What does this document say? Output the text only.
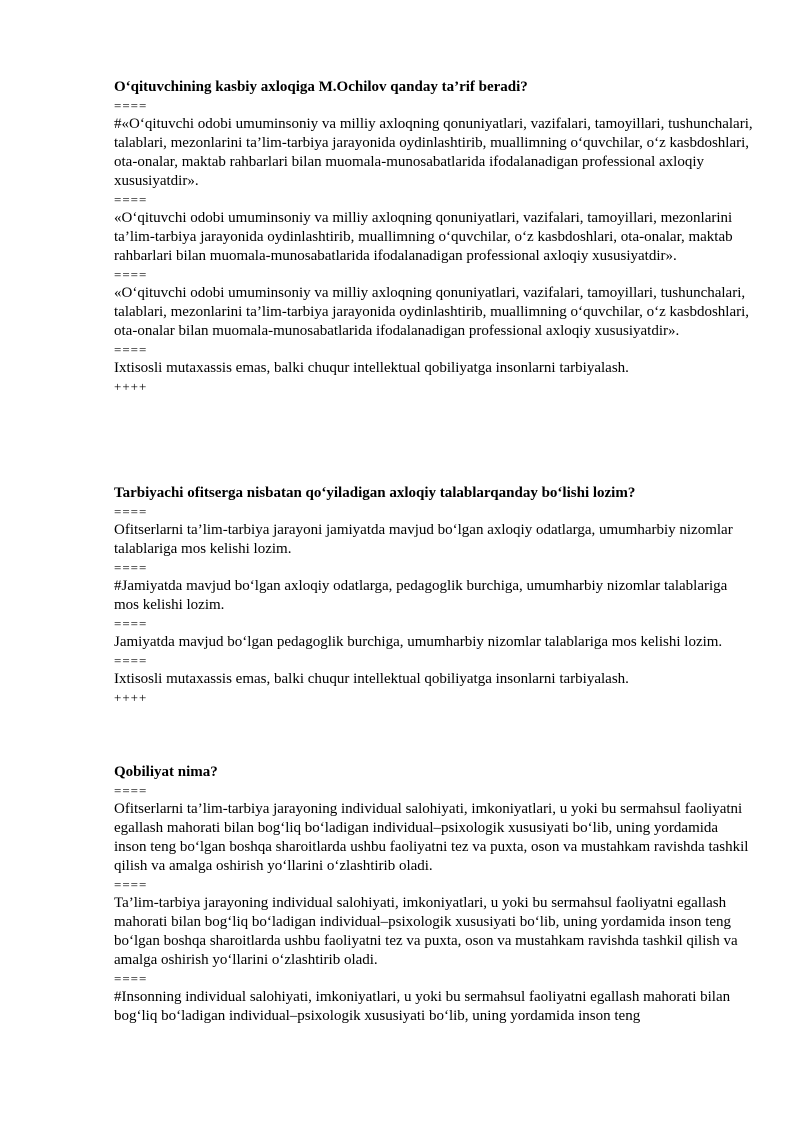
O‘qituvchining kasbiy axloqiga M.Ochilov qanday ta’rif beradi?

====

#«O‘qituvchi odobi umuminsoniy va milliy axloqning qonuniyatlari, vazifalari, tamoyillari, tushunchalari, talablari, mezonlarini ta’lim-tarbiya jarayonida oydinlashtirib, muallimning o‘quvchilar, o‘z kasbdoshlari, ota-onalar, maktab rahbarlari bilan muomala-munosabatlarida ifodalanadigan professional axloqiy xususiyatdir».

====

«O‘qituvchi odobi umuminsoniy va milliy axloqning qonuniyatlari, vazifalari, tamoyillari, mezonlarini ta’lim-tarbiya jarayonida oydinlashtirib, muallimning o‘quvchilar, o‘z kasbdoshlari, ota-onalar, maktab rahbarlari bilan muomala-munosabatlarida ifodalanadigan professional axloqiy xususiyatdir».

====

«O‘qituvchi odobi umuminsoniy va milliy axloqning qonuniyatlari, vazifalari, tamoyillari, tushunchalari, talablari, mezonlarini ta’lim-tarbiya jarayonida oydinlashtirib, muallimning o‘quvchilar, o‘z kasbdoshlari, ota-onalar bilan muomala-munosabatlarida ifodalanadigan professional axloqiy xususiyatdir».

====

Ixtisosli mutaxassis emas, balki chuqur intellektual qobiliyatga insonlarni tarbiyalash.

++++

Tarbiyachi ofitserga nisbatan qo‘yiladigan axloqiy talablarqanday bo‘lishi lozim?

====

Ofitserlarni ta’lim-tarbiya jarayoni jamiyatda mavjud bo‘lgan axloqiy odatlarga, umumharbiy nizomlar talablariga mos kelishi lozim.

====

#Jamiyatda mavjud bo‘lgan axloqiy odatlarga, pedagoglik burchiga, umumharbiy nizomlar talablariga mos kelishi lozim.

====

Jamiyatda mavjud bo‘lgan pedagoglik burchiga, umumharbiy nizomlar talablariga mos kelishi lozim.

====

Ixtisosli mutaxassis emas, balki chuqur intellektual qobiliyatga insonlarni tarbiyalash.

++++

Qobiliyat nima?

====

Ofitserlarni ta’lim-tarbiya jarayoning individual salohiyati, imkoniyatlari, u yoki bu sermahsul faoliyatni egallash mahorati bilan bog‘liq bo‘ladigan individual–psixologik xususiyati bo‘lib, uning yordamida inson teng bo‘lgan boshqa sharoitlarda ushbu faoliyatni tez va puxta, oson va mustahkam ravishda tashkil qilish va amalga oshirish yo‘llarini o‘zlashtirib oladi.

====

Ta’lim-tarbiya jarayoning individual salohiyati, imkoniyatlari, u yoki bu sermahsul faoliyatni egallash mahorati bilan bog‘liq bo‘ladigan individual–psixologik xususiyati bo‘lib, uning yordamida inson teng bo‘lgan boshqa sharoitlarda ushbu faoliyatni tez va puxta, oson va mustahkam ravishda tashkil qilish va amalga oshirish yo‘llarini o‘zlashtirib oladi.

====

#Insonning individual salohiyati, imkoniyatlari, u yoki bu sermahsul faoliyatni egallash mahorati bilan bog‘liq bo‘ladigan individual–psixologik xususiyati bo‘lib, uning yordamida inson teng
